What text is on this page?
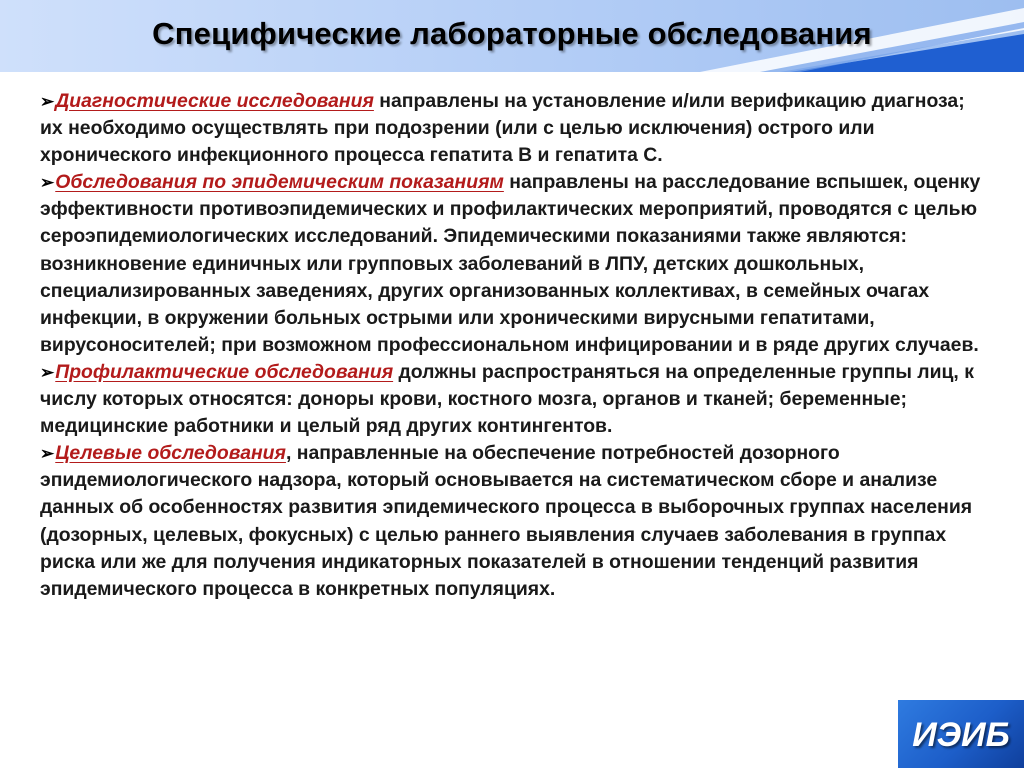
Специфические лабораторные обследования

➢Диагностические исследования направлены на установление и/или верификацию диагноза; их необходимо осуществлять при подозрении (или с целью исключения) острого или хронического инфекционного процесса гепатита В и гепатита С.

➢Обследования по эпидемическим показаниям направлены на расследование вспышек, оценку эффективности противоэпидемических и профилактических мероприятий, проводятся с целью сероэпидемиологических исследований. Эпидемическими показаниями также являются: возникновение единичных или групповых заболеваний в ЛПУ, детских дошкольных, специализированных заведениях, других организованных коллективах, в семейных очагах инфекции, в окружении больных острыми или хроническими вирусными гепатитами, вирусоносителей; при возможном профессиональном инфицировании и в ряде других случаев.

➢Профилактические обследования должны распространяться на определенные группы лиц, к числу которых относятся: доноры крови, костного мозга, органов и тканей; беременные; медицинские работники и целый ряд других контингентов.

➢Целевые обследования, направленные на обеспечение потребностей дозорного эпидемиологического надзора, который основывается на систематическом сборе и анализе данных об особенностях развития эпидемического процесса в выборочных группах населения (дозорных, целевых, фокусных) с целью раннего выявления случаев заболевания в группах риска или же для получения индикаторных показателей в отношении тенденций развития эпидемического процесса в конкретных популяциях.

ИЭИБ
